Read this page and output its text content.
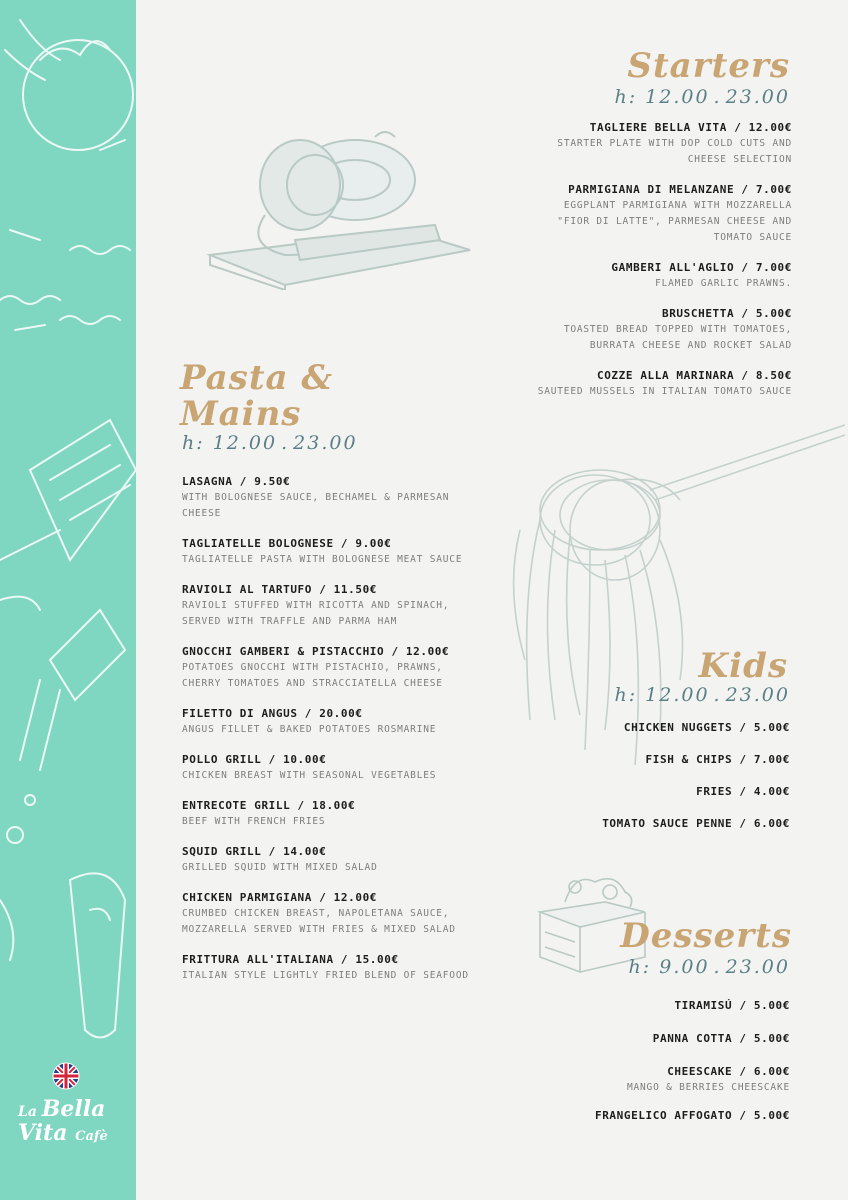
La Bella
Vita Cafè
Starters
h: 12.00 . 23.00
TAGLIERE BELLA VITA / 12.00€
STARTER PLATE WITH DOP COLD CUTS AND CHEESE SELECTION
PARMIGIANA DI MELANZANE / 7.00€
EGGPLANT PARMIGIANA WITH MOZZARELLA "FIOR DI LATTE", PARMESAN CHEESE AND TOMATO SAUCE
GAMBERI ALL'AGLIO / 7.00€
FLAMED GARLIC PRAWNS.
BRUSCHETTA / 5.00€
TOASTED BREAD TOPPED WITH TOMATOES, BURRATA CHEESE AND ROCKET SALAD
COZZE ALLA MARINARA / 8.50€
SAUTEED MUSSELS IN ITALIAN TOMATO SAUCE
Pasta &
Mains
h: 12.00 . 23.00
LASAGNA / 9.50€
WITH BOLOGNESE SAUCE, BECHAMEL & PARMESAN CHEESE
TAGLIATELLE BOLOGNESE / 9.00€
TAGLIATELLE PASTA WITH BOLOGNESE MEAT SAUCE
RAVIOLI AL TARTUFO / 11.50€
RAVIOLI STUFFED WITH RICOTTA AND SPINACH, SERVED WITH TRAFFLE AND PARMA HAM
GNOCCHI GAMBERI & PISTACCHIO / 12.00€
POTATOES GNOCCHI WITH PISTACHIO, PRAWNS, CHERRY TOMATOES AND STRACCIATELLA CHEESE
FILETTO DI ANGUS / 20.00€
ANGUS FILLET & BAKED POTATOES ROSMARINE
POLLO GRILL / 10.00€
CHICKEN BREAST WITH SEASONAL VEGETABLES
ENTRECOTE GRILL / 18.00€
BEEF WITH FRENCH FRIES
SQUID GRILL / 14.00€
GRILLED SQUID WITH MIXED SALAD
CHICKEN PARMIGIANA / 12.00€
CRUMBED CHICKEN BREAST, NAPOLETANA SAUCE, MOZZARELLA SERVED WITH FRIES & MIXED SALAD
FRITTURA ALL'ITALIANA / 15.00€
ITALIAN STYLE LIGHTLY FRIED BLEND OF SEAFOOD
Kids
h: 12.00 . 23.00
CHICKEN NUGGETS / 5.00€
FISH & CHIPS / 7.00€
FRIES / 4.00€
TOMATO SAUCE PENNE / 6.00€
Desserts
h: 9.00 . 23.00
TIRAMISÚ / 5.00€
PANNA COTTA / 5.00€
CHEESCAKE / 6.00€
MANGO & BERRIES CHEESCAKE
FRANGELICO AFFOGATO / 5.00€
